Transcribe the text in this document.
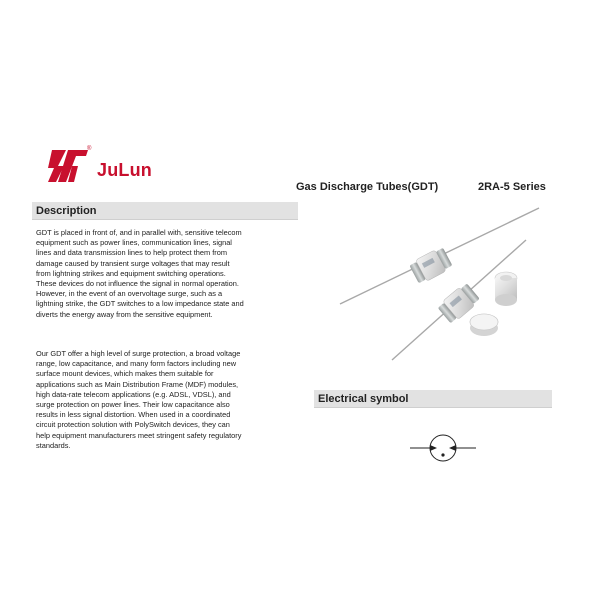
®
JuLun
Gas Discharge Tubes(GDT)	2RA-5 Series
Description

GDT is placed in front of, and in parallel with, sensitive telecom
equipment such as power lines, communication lines, signal
lines and data transmission lines to help protect them from
damage caused by transient surge voltages that may result
from lightning strikes and equipment switching operations.
These devices do not influence the signal in normal operation.
However, in the event of an overvoltage surge, such as a
lightning strike, the GDT switches to a low impedance state and
diverts the energy away from the sensitive equipment.

Our GDT offer a high level of surge protection, a broad voltage
range, low capacitance, and many form factors including new
surface mount devices, which makes them suitable for
applications such as Main Distribution Frame (MDF) modules,
high data-rate telecom applications (e.g. ADSL, VDSL), and
surge protection on power lines. Their low capacitance also
results in less signal distortion. When used in a coordinated
circuit protection solution with PolySwitch devices, they can
help equipment manufacturers meet stringent safety regulatory
standards.

Electrical symbol
